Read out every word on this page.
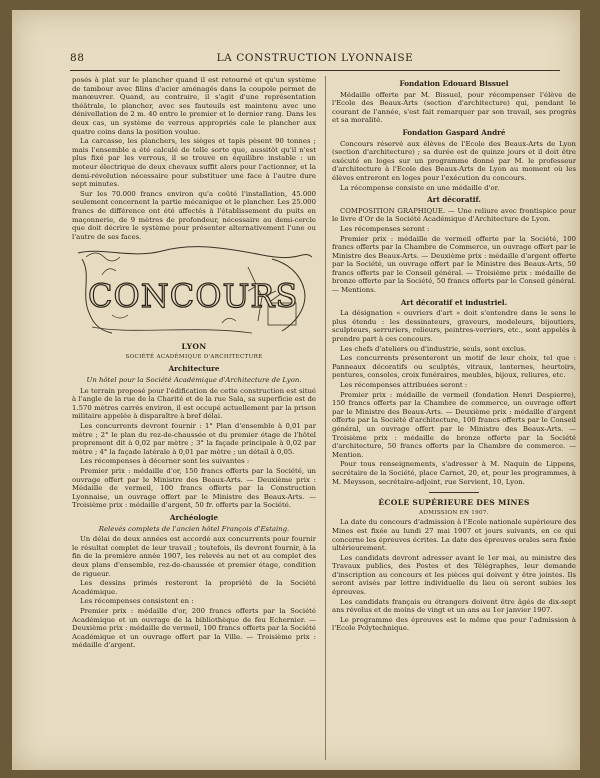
88	LA CONSTRUCTION LYONNAISE

posés à plat sur le plancher quand il est retourné et qu'un système de tambour avec filins d'acier aménagés dans la coupole permet de manœuvrer. Quand, au contraire, il s'agit d'une représentation théâtrale, le plancher, avec ses fauteuils est maintenu avec une dénivellation de 2 m. 40 entre le premier et le dernier rang. Dans les deux cas, un système de verrous appropriés cale le plancher aux quatre coins dans la position voulue.

La carcasse, les planchers, les sièges et tapis pèsent 90 tonnes ; mais l'ensemble a été calculé de telle sorte que, aussitôt qu'il n'est plus fixé par les verrous, il se trouve en équilibre instable : un moteur électrique de deux chevaux suffit alors pour l'actionner, et la demi-révolution nécessaire pour substituer une face à l'autre dure sept minutes.

Sur les 70.000 francs environ qu'a coûté l'installation, 45.000 seulement concernent la partie mécanique et le plancher. Les 25.000 francs de différence ont été affectés à l'établissement du puits en maçonnerie, de 9 mètres de profondeur, nécessaire au demi-cercle que doit décrire le système pour présenter alternativement l'une ou l'autre de ses faces.

CONCOURS
LYON
SOCIÉTÉ ACADÉMIQUE D'ARCHITECTURE
Architecture
Un hôtel pour la Société Académique d'Architecture de Lyon.

Le terrain proposé pour l'édification de cette construction est situé à l'angle de la rue de la Charité et de la rue Sala, sa superficie est de 1.570 mètres carrés environ, il est occupé actuellement par la prison militaire appelée à disparaître à bref délai.

Les concurrents devront fournir : 1° Plan d'ensemble à 0,01 par mètre ; 2° le plan du rez-de-chaussée et du premier étage de l'hôtel proprement dit à 0,02 par mètre ; 3° la façade principale à 0,02 par mètre ; 4° la façade latérale à 0,01 par mètre ; un détail à 0,05.

Les récompenses à décerner sont les suivantes :

Premier prix : médaille d'or, 150 francs offerts par la Société, un ouvrage offert par le Ministre des Beaux-Arts. — Deuxième prix : Médaille de vermeil, 100 francs offerts par la Construction Lyonnaise, un ouvrage offert par le Ministre des Beaux-Arts. — Troisième prix : médaille d'argent, 50 fr. offerts par la Société.

Archéologie
Relevés complets de l'ancien hôtel François d'Estaing.

Un délai de deux années est accordé aux concurrents pour fournir le résultat complet de leur travail ; toutefois, ils devront fournir, à la fin de la première année 1907, les relevés au net et au complet des deux plans d'ensemble, rez-de-chaussée et premier étage, condition de rigueur.

Les dessins primés resteront la propriété de la Société Académique.

Les récompenses consistent en :

Premier prix : médaille d'or, 200 francs offerts par la Société Académique et un ouvrage de la bibliothèque de feu Echernier. — Deuxième prix : médaille de vermeil, 100 francs offerts par la Société Académique et un ouvrage offert par la Ville. — Troisième prix : médaille d'argent.

Fondation Edouard Bissuel

Médaille offerte par M. Bissuel, pour récompenser l'élève de l'Ecole des Beaux-Arts (section d'architecture) qui, pendant le courant de l'année, s'est fait remarquer par son travail, ses progrès et sa moralité.

Fondation Gaspard André

Concours réservé aux élèves de l'Ecole des Beaux-Arts de Lyon (section d'architecture) ; sa durée est de quinze jours et il doit être exécuté en loges sur un programme donné par M. le professeur d'architecture à l'Ecole des Beaux-Arts de Lyon au moment où les élèves entreront en loges pour l'exécution du concours.

La récompense consiste en une médaille d'or.

Art décoratif.

COMPOSITION GRAPHIQUE. — Une reliure avec frontispice pour le livre d'Or de la Société Académique d'Architecture de Lyon.

Les récompenses seront :

Premier prix : médaille de vermeil offerte par la Société, 100 francs offerts par la Chambre de Commerce, un ouvrage offert par le Ministre des Beaux-Arts. — Deuxième prix : médaille d'argent offerte par la Société, un ouvrage offert par le Ministre des Beaux-Arts, 50 francs offerts par le Conseil général. — Troisième prix : médaille de bronze offerte par la Société, 50 francs offerts par le Conseil général. — Mentions.

Art décoratif et industriel.

La désignation « ouvriers d'art » doit s'entendre dans le sens le plus étendu : les dessinateurs, graveurs, modeleurs, bijoutiers, sculpteurs, serruriers, relieurs, peintres-verriers, etc., sont appelés à prendre part à ces concours.

Les chefs d'ateliers ou d'industrie, seuls, sont exclus.

Les concurrents présenteront un motif de leur choix, tel que : Panneaux décoratifs ou sculptés, vitraux, lanternes, heurtoirs, pentures, consoles, croix funéraires, meubles, bijoux, reliures, etc.

Les récompenses attribuées seront :

Premier prix : médaille de vermeil (fondation Henri Despierre), 150 francs offerts par la Chambre de commerce, un ouvrage offert par le Ministre des Beaux-Arts. — Deuxième prix : médaille d'argent offerte par la Société d'architecture, 100 francs offerts par le Conseil général, un ouvrage offert par le Ministre des Beaux-Arts. — Troisième prix : médaille de bronze offerte par la Société d'architecture, 50 francs offerts par la Chambre de commerce. — Mention.

Pour tous renseignements, s'adresser à M. Naquin de Lippens, secrétaire de la Société, place Carnot, 20, et, pour les programmes, à M. Meysson, secrétaire-adjoint, rue Servient, 10, Lyon.

ÉCOLE SUPÉRIEURE DES MINES
ADMISSION EN 1907.

La date du concours d'admission à l'Ecole nationale supérieure des Mines est fixée au lundi 27 mai 1907 et jours suivants, en ce qui concerne les épreuves écrites. La date des épreuves orales sera fixée ultérieurement.

Les candidats devront adresser avant le 1er mai, au ministre des Travaux publics, des Postes et des Télégraphes, leur demande d'inscription au concours et les pièces qui doivent y être jointes. Ils seront avisés par lettre individuelle du lieu où seront subies les épreuves.

Les candidats français ou étrangers doivent être âgés de dix-sept ans révolus et de moins de vingt et un ans au 1er janvier 1907.

Le programme des épreuves est le même que pour l'admission à l'Ecole Polytechnique.
